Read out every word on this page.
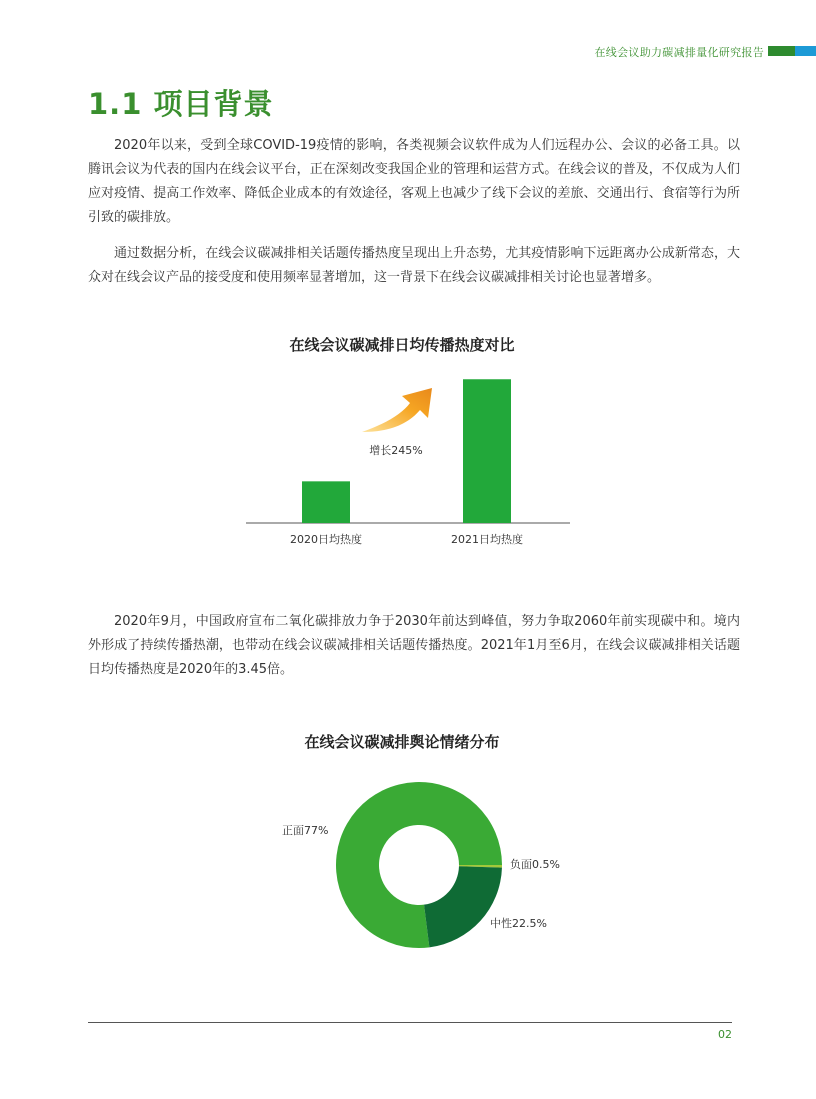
在线会议助力碳减排量化研究报告
1.1 项目背景

2020年以来，受到全球COVID-19疫情的影响，各类视频会议软件成为人们远程办公、会议的必备工具。以腾讯会议为代表的国内在线会议平台，正在深刻改变我国企业的管理和运营方式。在线会议的普及，不仅成为人们应对疫情、提高工作效率、降低企业成本的有效途径，客观上也减少了线下会议的差旅、交通出行、食宿等行为所引致的碳排放。

通过数据分析，在线会议碳减排相关话题传播热度呈现出上升态势，尤其疫情影响下远距离办公成新常态，大众对在线会议产品的接受度和使用频率显著增加，这一背景下在线会议碳减排相关讨论也显著增多。

在线会议碳减排日均传播热度对比
2020日均热度	2021日均热度
增长245%

2020年9月，中国政府宣布二氧化碳排放力争于2030年前达到峰值，努力争取2060年前实现碳中和。境内外形成了持续传播热潮，也带动在线会议碳减排相关话题传播热度。2021年1月至6月，在线会议碳减排相关话题日均传播热度是2020年的3.45倍。

在线会议碳减排舆论情绪分布
正面77%
负面0.5%
中性22.5%
02
